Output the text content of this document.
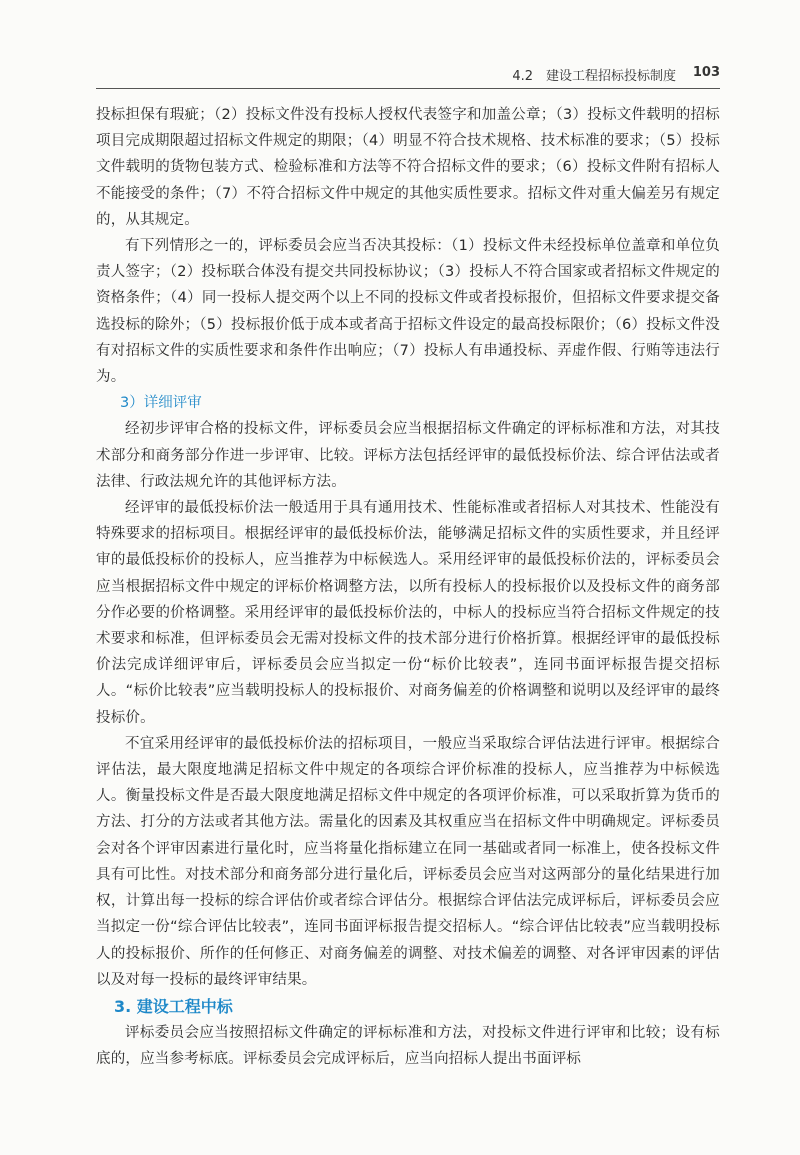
4.2　建设工程招标投标制度 103

投标担保有瑕疵；（2）投标文件没有投标人授权代表签字和加盖公章；（3）投标文件载明的招标项目完成期限超过招标文件规定的期限；（4）明显不符合技术规格、技术标准的要求；（5）投标文件载明的货物包装方式、检验标准和方法等不符合招标文件的要求；（6）投标文件附有招标人不能接受的条件；（7）不符合招标文件中规定的其他实质性要求。招标文件对重大偏差另有规定的，从其规定。

有下列情形之一的，评标委员会应当否决其投标：（1）投标文件未经投标单位盖章和单位负责人签字；（2）投标联合体没有提交共同投标协议；（3）投标人不符合国家或者招标文件规定的资格条件；（4）同一投标人提交两个以上不同的投标文件或者投标报价，但招标文件要求提交备选投标的除外；（5）投标报价低于成本或者高于招标文件设定的最高投标限价；（6）投标文件没有对招标文件的实质性要求和条件作出响应；（7）投标人有串通投标、弄虚作假、行贿等违法行为。

3）详细评审

经初步评审合格的投标文件，评标委员会应当根据招标文件确定的评标标准和方法，对其技术部分和商务部分作进一步评审、比较。评标方法包括经评审的最低投标价法、综合评估法或者法律、行政法规允许的其他评标方法。

经评审的最低投标价法一般适用于具有通用技术、性能标准或者招标人对其技术、性能没有特殊要求的招标项目。根据经评审的最低投标价法，能够满足招标文件的实质性要求，并且经评审的最低投标价的投标人，应当推荐为中标候选人。采用经评审的最低投标价法的，评标委员会应当根据招标文件中规定的评标价格调整方法，以所有投标人的投标报价以及投标文件的商务部分作必要的价格调整。采用经评审的最低投标价法的，中标人的投标应当符合招标文件规定的技术要求和标准，但评标委员会无需对投标文件的技术部分进行价格折算。根据经评审的最低投标价法完成详细评审后，评标委员会应当拟定一份“标价比较表”，连同书面评标报告提交招标人。“标价比较表”应当载明投标人的投标报价、对商务偏差的价格调整和说明以及经评审的最终投标价。

不宜采用经评审的最低投标价法的招标项目，一般应当采取综合评估法进行评审。根据综合评估法，最大限度地满足招标文件中规定的各项综合评价标准的投标人，应当推荐为中标候选人。衡量投标文件是否最大限度地满足招标文件中规定的各项评价标准，可以采取折算为货币的方法、打分的方法或者其他方法。需量化的因素及其权重应当在招标文件中明确规定。评标委员会对各个评审因素进行量化时，应当将量化指标建立在同一基础或者同一标准上，使各投标文件具有可比性。对技术部分和商务部分进行量化后，评标委员会应当对这两部分的量化结果进行加权，计算出每一投标的综合评估价或者综合评估分。根据综合评估法完成评标后，评标委员会应当拟定一份“综合评估比较表”，连同书面评标报告提交招标人。“综合评估比较表”应当载明投标人的投标报价、所作的任何修正、对商务偏差的调整、对技术偏差的调整、对各评审因素的评估以及对每一投标的最终评审结果。

3. 建设工程中标

评标委员会应当按照招标文件确定的评标标准和方法，对投标文件进行评审和比较；设有标底的，应当参考标底。评标委员会完成评标后，应当向招标人提出书面评标
